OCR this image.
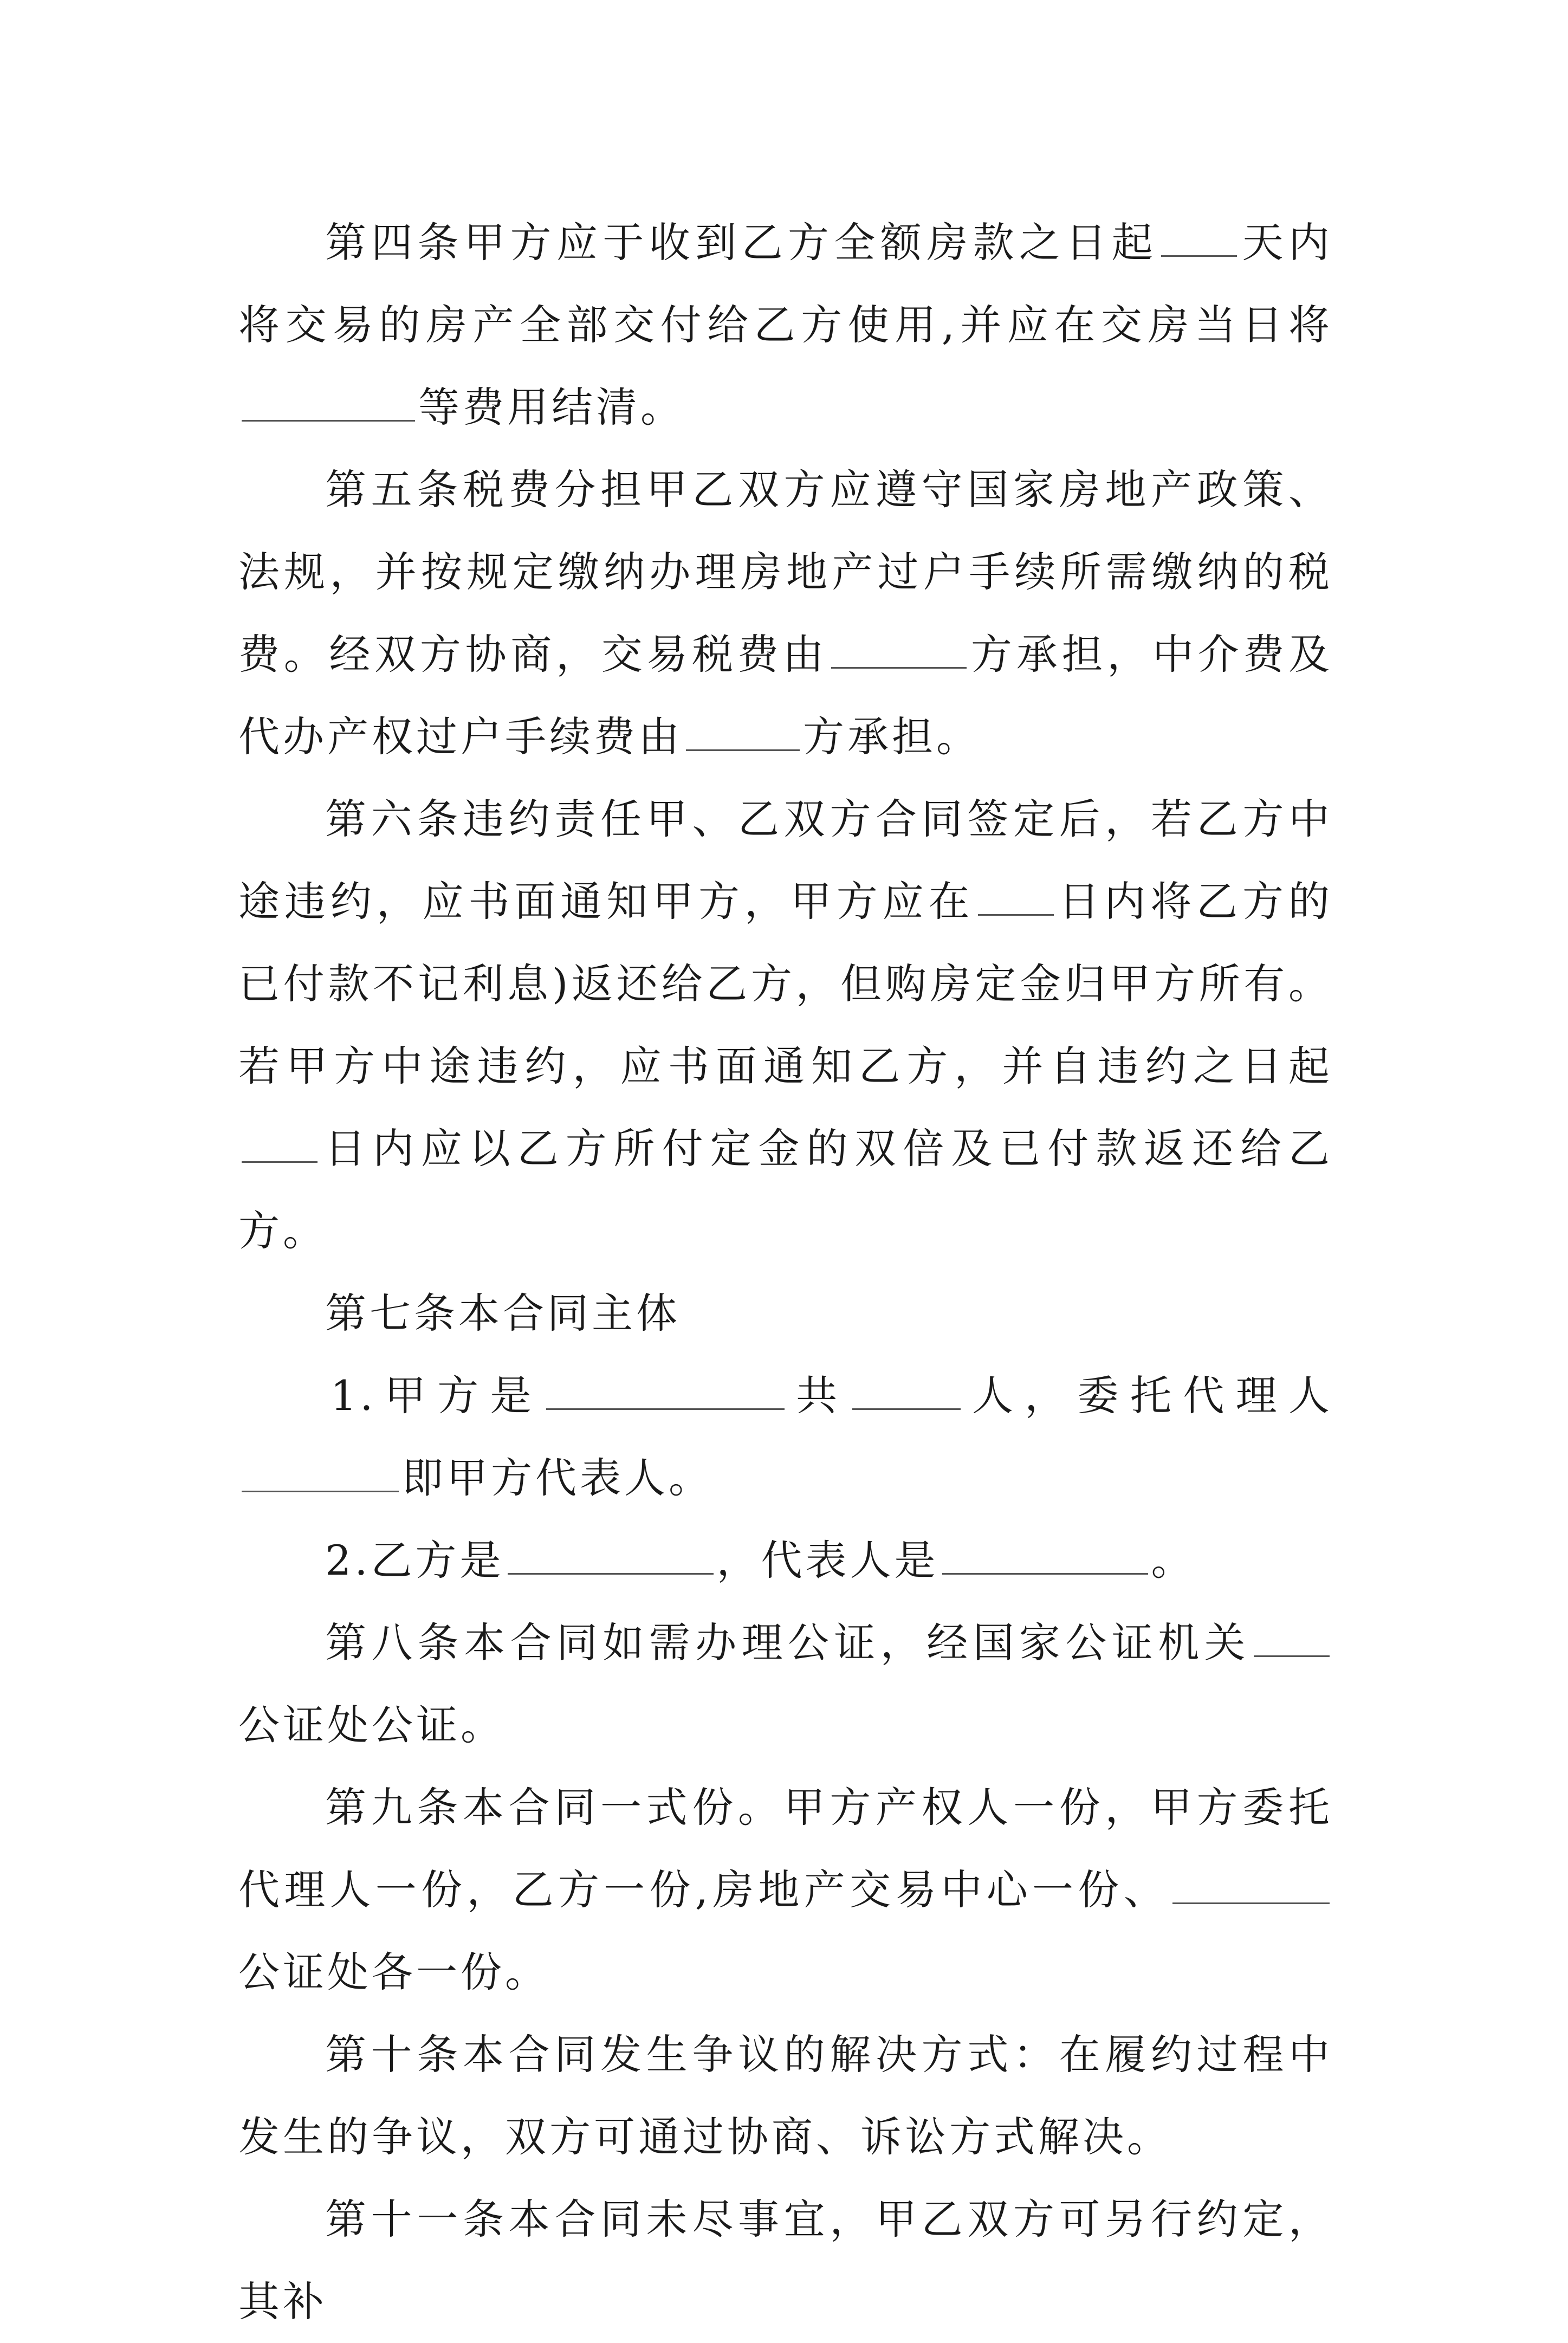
第四条甲方应于收到乙方全额房款之日起 天内将交易的房产全部交付给乙方使用,并应在交房当日将等费用结清。

第五条税费分担甲乙双方应遵守国家房地产政策、法规，并按规定缴纳办理房地产过户手续所需缴纳的税费。经双方协商，交易税费由	方承担，中介费及代办产权过户手续费由	方承担。

第六条违约责任甲、乙双方合同签定后，若乙方中途违约，应书面通知甲方，甲方应在 日内将乙方的已付款不记利息)返还给乙方，但购房定金归甲方所有。若甲方中途违约，应书面通知乙方，并自违约之日起日内应以乙方所付定金的双倍及已付款返还给乙方。

第七条本合同主体

1.甲方是	共	人，委托代理人即甲方代表人。

2.乙方是	，代表人是	。

第八条本合同如需办理公证，经国家公证机关公证处公证。

第九条本合同一式份。甲方产权人一份，甲方委托代理人一份，乙方一份,房地产交易中心一份、公证处各一份。

第十条本合同发生争议的解决方式：在履约过程中发生的争议，双方可通过协商、诉讼方式解决。

第十一条本合同未尽事宜，甲乙双方可另行约定，其补
